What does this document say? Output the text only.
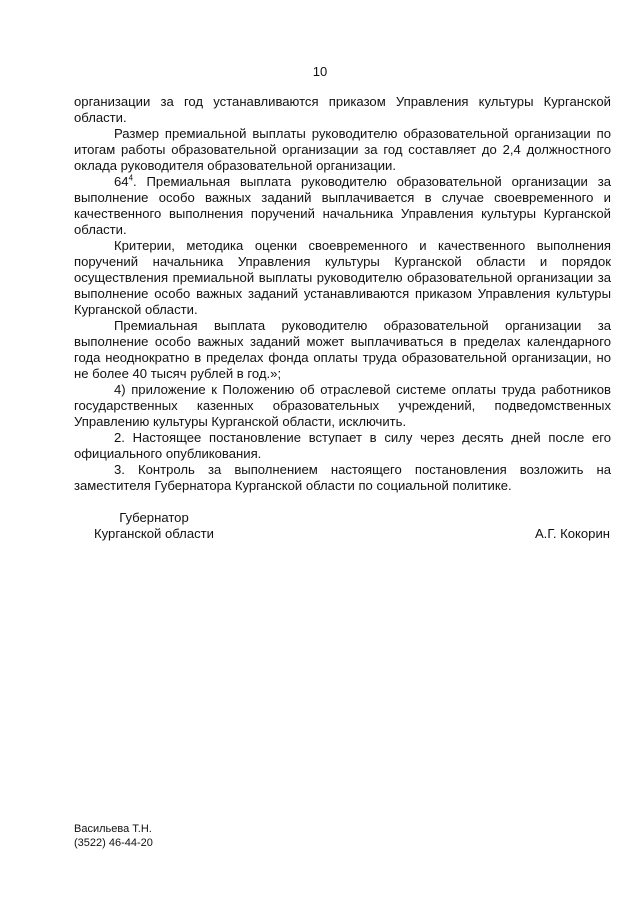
10

организации за год устанавливаются приказом Управления культуры Курганской области.

Размер премиальной выплаты руководителю образовательной организации по итогам работы образовательной организации за год составляет до 2,4 должностного оклада руководителя образовательной организации.

$64^4$. Премиальная выплата руководителю образовательной организации за выполнение особо важных заданий выплачивается в случае своевременного и качественного выполнения поручений начальника Управления культуры Курганской области.

Критерии, методика оценки своевременного и качественного выполнения поручений начальника Управления культуры Курганской области и порядок осуществления премиальной выплаты руководителю образовательной организации за выполнение особо важных заданий устанавливаются приказом Управления культуры Курганской области.

Премиальная выплата руководителю образовательной организации за выполнение особо важных заданий может выплачиваться в пределах календарного года неоднократно в пределах фонда оплаты труда образовательной организации, но не более 40 тысяч рублей в год.»;

4) приложение к Положению об отраслевой системе оплаты труда работников государственных казенных образовательных учреждений, подведомственных Управлению культуры Курганской области, исключить.

2. Настоящее постановление вступает в силу через десять дней после его официального опубликования.

3. Контроль за выполнением настоящего постановления возложить на заместителя Губернатора Курганской области по социальной политике.

Губернатор
Курганской области	А.Г. Кокорин
Васильева Т.Н.
(3522) 46-44-20
